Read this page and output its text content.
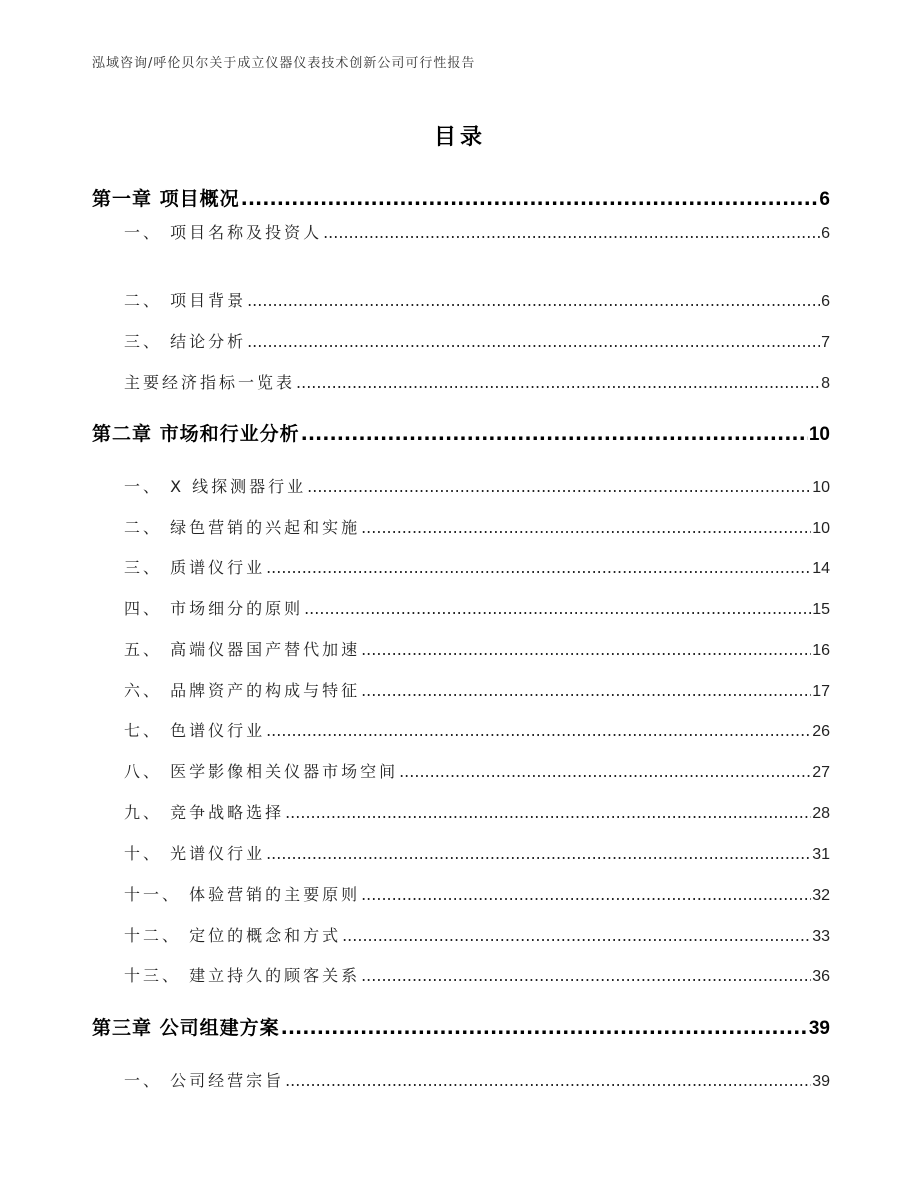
泓域咨询/呼伦贝尔关于成立仪器仪表技术创新公司可行性报告
目录
第一章 项目概况 .....	6
一、 项目名称及投资人 .....	6
二、 项目背景 .....	6
三、 结论分析 .....	7
主要经济指标一览表 .....	8
第二章 市场和行业分析 .....	10
一、 X 线探测器行业 .....	10
二、 绿色营销的兴起和实施 .....	10
三、 质谱仪行业 .....	14
四、 市场细分的原则 .....	15
五、 高端仪器国产替代加速 .....	16
六、 品牌资产的构成与特征 .....	17
七、 色谱仪行业 .....	26
八、 医学影像相关仪器市场空间 .....	27
九、 竞争战略选择 .....	28
十、 光谱仪行业 .....	31
十一、 体验营销的主要原则 .....	32
十二、 定位的概念和方式 .....	33
十三、 建立持久的顾客关系 .....	36
第三章 公司组建方案 .....	39
一、 公司经营宗旨 .....	39
